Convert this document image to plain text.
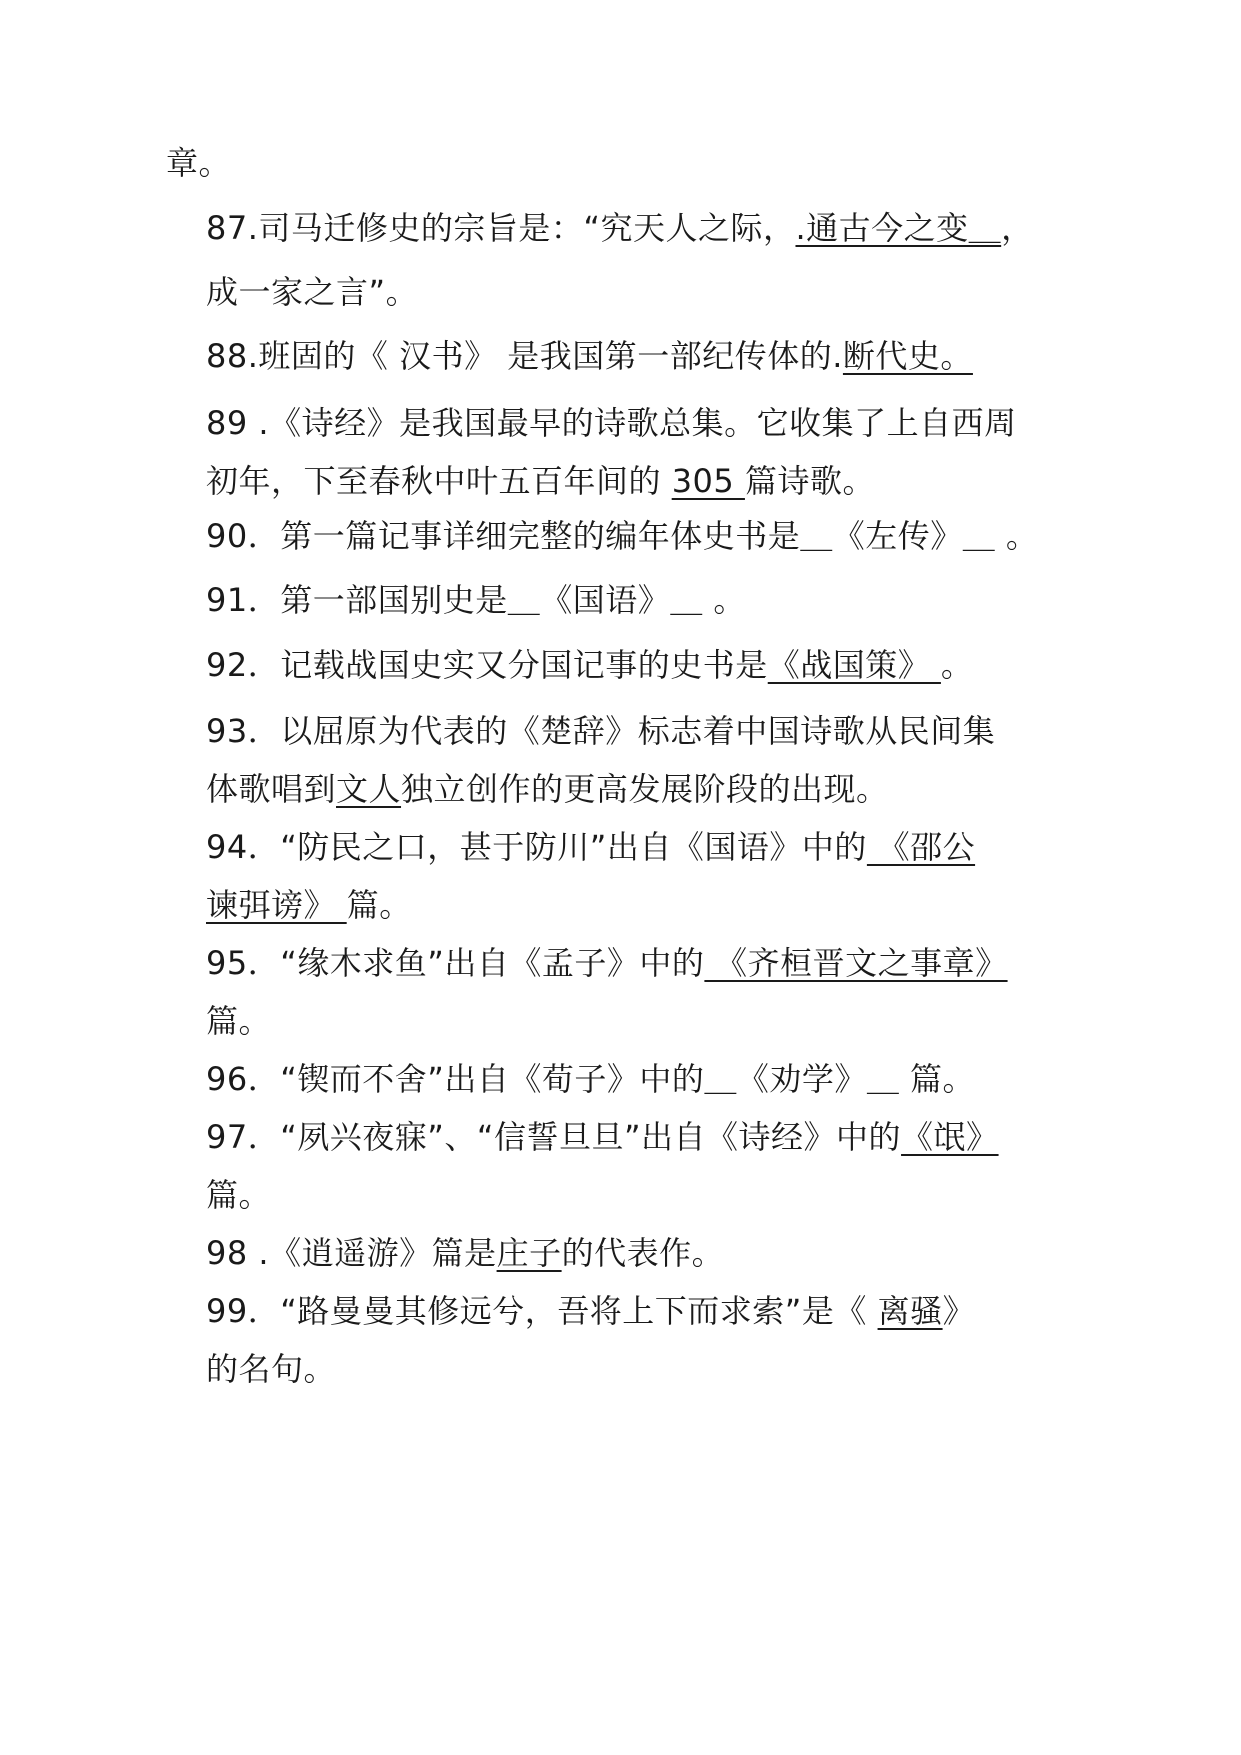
章。
87.司马迁修史的宗旨是：“究天人之际，.通古今之变＿，
成一家之言”。
88.班固的《 汉书》 是我国第一部纪传体的.断代史。
89 .《诗经》是我国最早的诗歌总集。它收集了上自西周
初年，下至春秋中叶五百年间的 305 篇诗歌。
90．第一篇记事详细完整的编年体史书是＿《左传》＿ 。
91．第一部国别史是＿《国语》＿ 。
92．记载战国史实又分国记事的史书是《战国策》 。
93．以屈原为代表的《楚辞》标志着中国诗歌从民间集
体歌唱到文人独立创作的更高发展阶段的出现。
94．“防民之口，甚于防川”出自《国语》中的 《邵公
谏弭谤》 篇。
95．“缘木求鱼”出自《孟子》中的 《齐桓晋文之事章》
篇。
96．“锲而不舍”出自《荀子》中的＿《劝学》＿ 篇。
97．“夙兴夜寐”、“信誓旦旦”出自《诗经》中的《氓》
篇。
98 .《逍遥游》篇是庄子的代表作。
99．“路曼曼其修远兮，吾将上下而求索”是《 离骚》
的名句。
